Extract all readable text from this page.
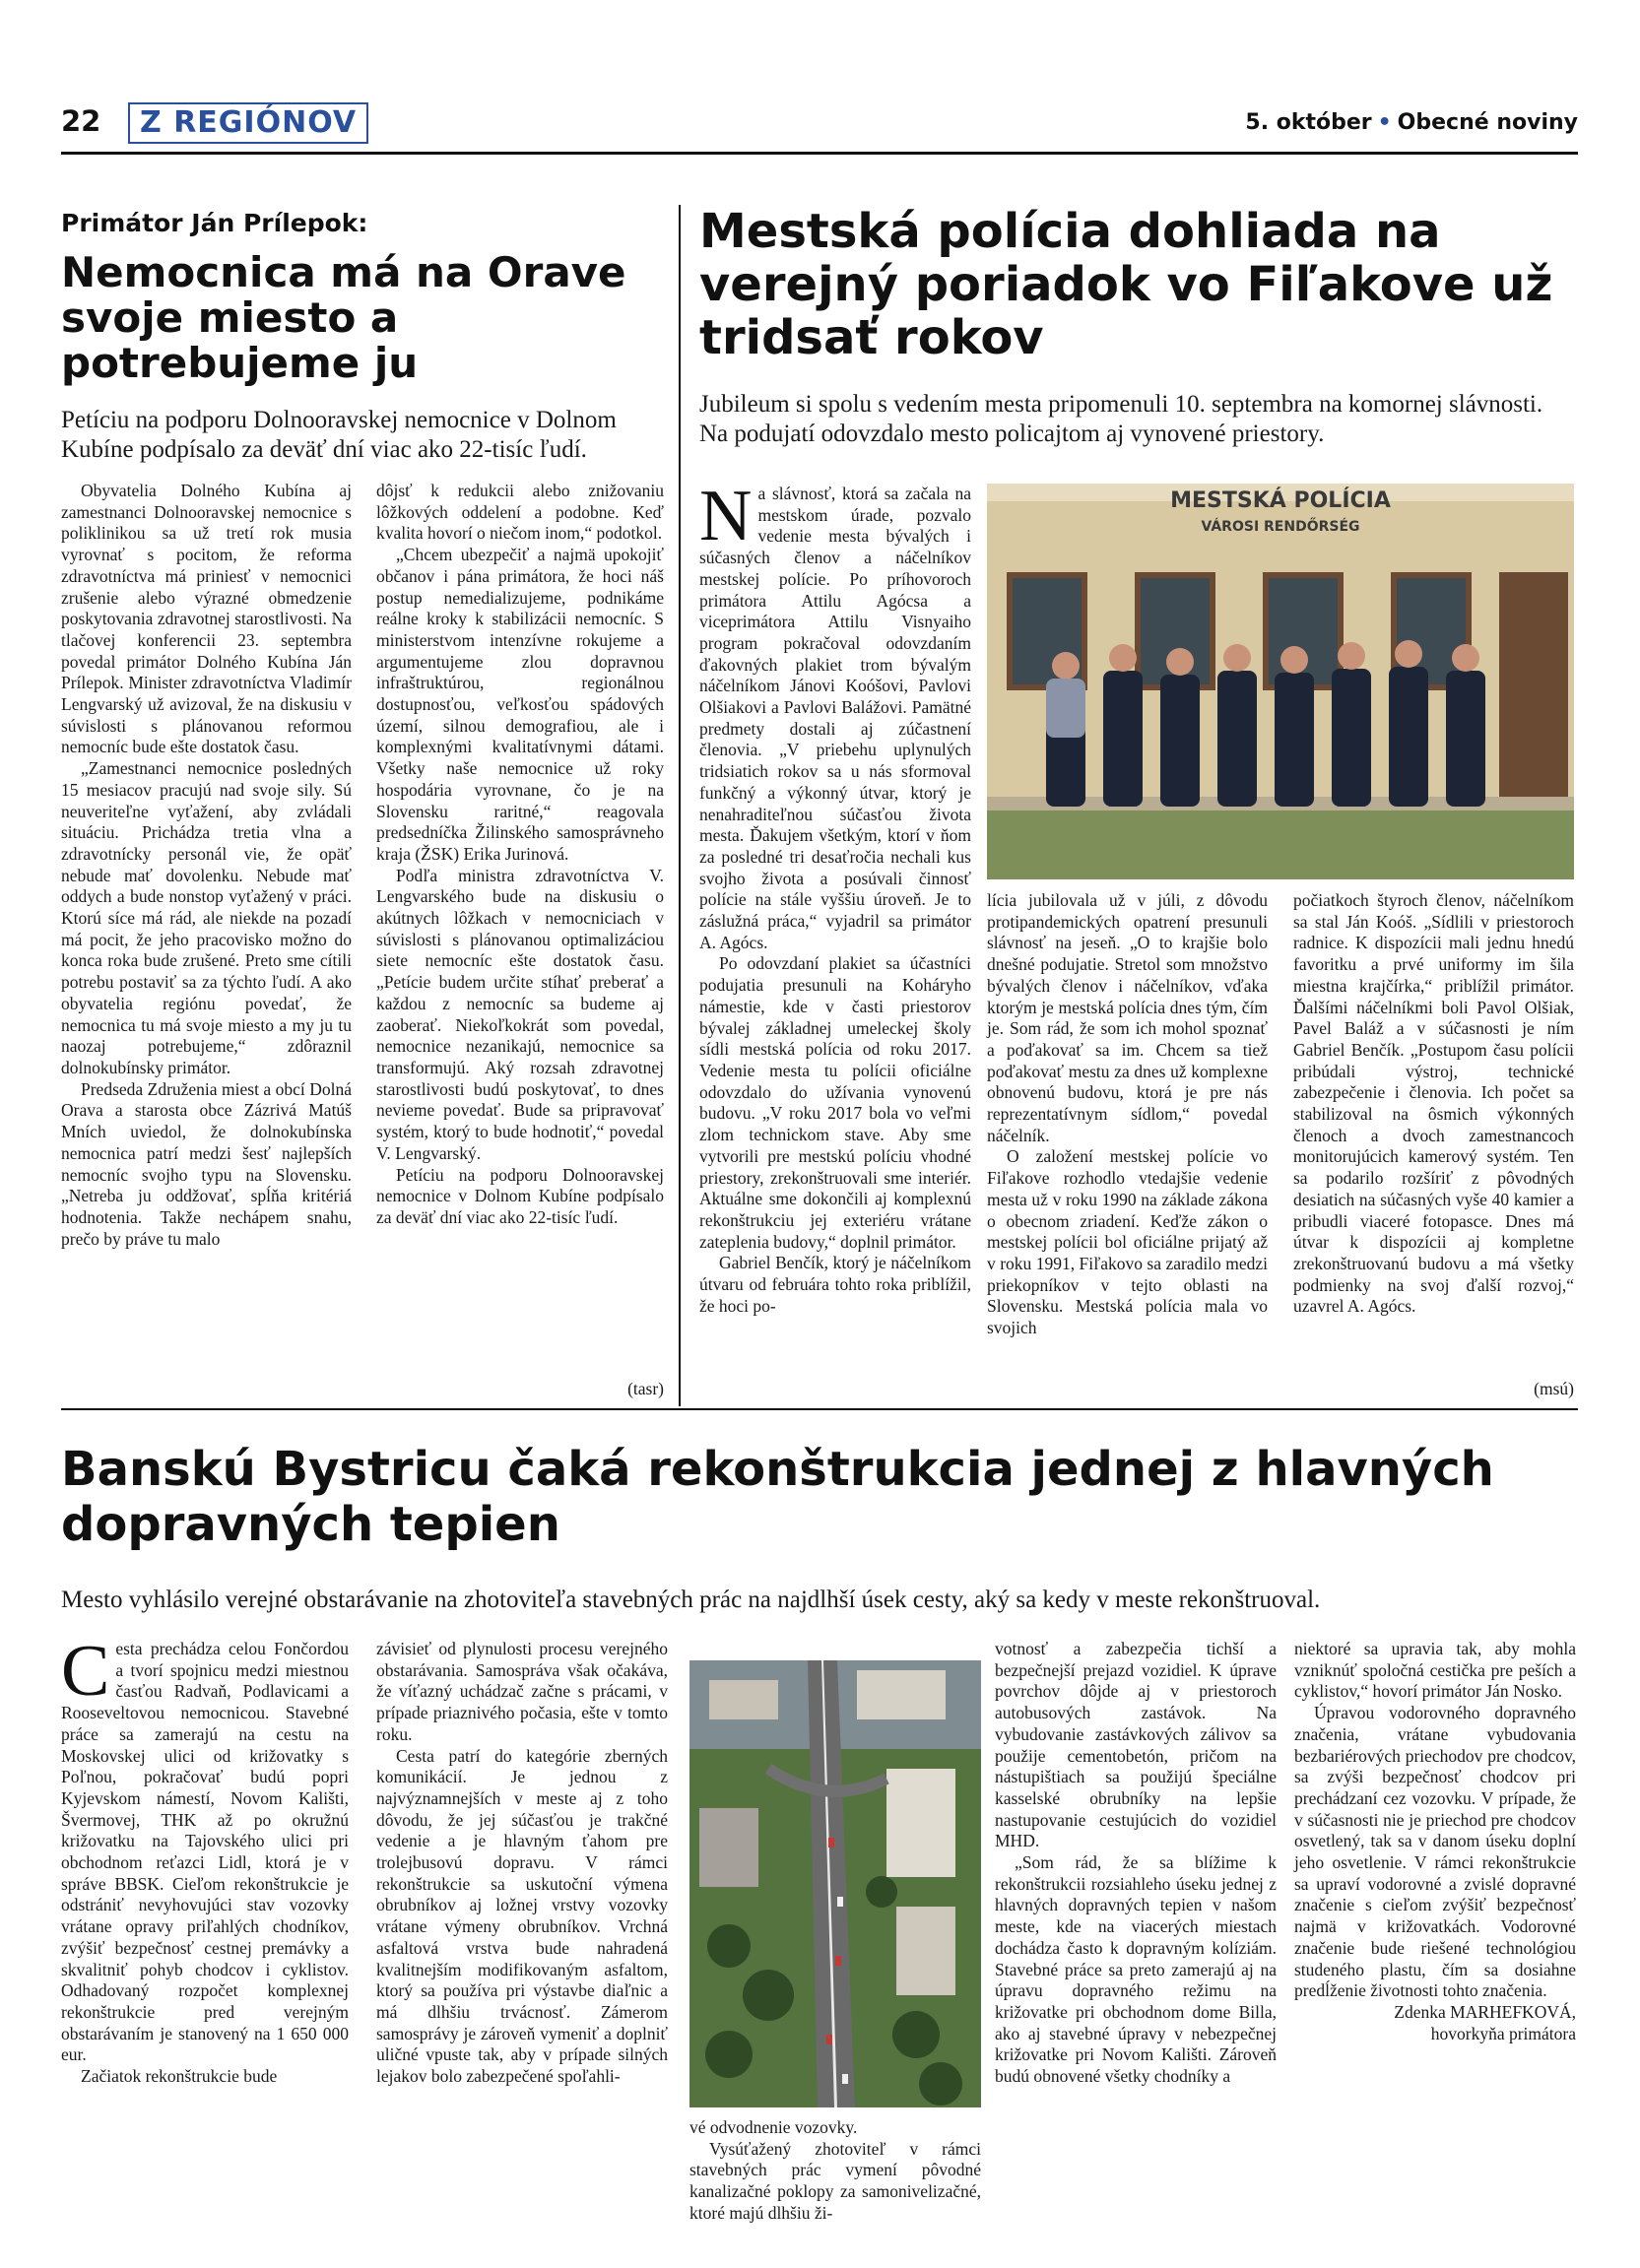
22	Z REGIÓNOV	5. október • Obecné noviny
Primátor Ján Prílepok:
Nemocnica má na Orave svoje miesto a potrebujeme ju
Petíciu na podporu Dolnooravskej nemocnice v Dolnom Kubíne podpísalo za deväť dní viac ako 22-tisíc ľudí.

Obyvatelia Dolného Kubína aj zamestnanci Dolnooravskej nemocnice s poliklinikou sa už tretí rok musia vyrovnať s pocitom, že reforma zdravotníctva má priniesť v nemocnici zrušenie alebo výrazné obmedzenie poskytovania zdravotnej starostlivosti. Na tlačovej konferencii 23. septembra povedal primátor Dolného Kubína Ján Prílepok. Minister zdravotníctva Vladimír Lengvarský už avizoval, že na diskusiu v súvislosti s plánovanou reformou nemocníc bude ešte dostatok času.

„Zamestnanci nemocnice posledných 15 mesiacov pracujú nad svoje sily. Sú neuveriteľne vyťažení, aby zvládali situáciu. Prichádza tretia vlna a zdravotnícky personál vie, že opäť nebude mať dovolenku. Nebude mať oddych a bude nonstop vyťažený v práci. Ktorú síce má rád, ale niekde na pozadí má pocit, že jeho pracovisko možno do konca roka bude zrušené. Preto sme cítili potrebu postaviť sa za týchto ľudí. A ako obyvatelia regiónu povedať, že nemocnica tu má svoje miesto a my ju tu naozaj potrebujeme,“ zdôraznil dolnokubínsky primátor.

Predseda Združenia miest a obcí Dolná Orava a starosta obce Zázrivá Matúš Mních uviedol, že dolnokubínska nemocnica patrí medzi šesť najlepších nemocníc svojho typu na Slovensku. „Netreba ju oddžovať, spĺňa kritériá hodnotenia. Takže nechápem snahu, prečo by práve tu malo

dôjsť k redukcii alebo znižovaniu lôžkových oddelení a podobne. Keď kvalita hovorí o niečom inom,“ podotkol.

„Chcem ubezpečiť a najmä upokojiť občanov i pána primátora, že hoci náš postup nemedializujeme, podnikáme reálne kroky k stabilizácii nemocníc. S ministerstvom intenzívne rokujeme a argumentujeme zlou dopravnou infraštruktúrou, regionálnou dostupnosťou, veľkosťou spádových území, silnou demografiou, ale i komplexnými kvalitatívnymi dátami. Všetky naše nemocnice už roky hospodária vyrovnane, čo je na Slovensku raritné,“ reagovala predsedníčka Žilinského samosprávneho kraja (ŽSK) Erika Jurinová.

Podľa ministra zdravotníctva V. Lengvarského bude na diskusiu o akútnych lôžkach v nemocniciach v súvislosti s plánovanou optimalizáciou siete nemocníc ešte dostatok času. „Petície budem určite stíhať preberať a každou z nemocníc sa budeme aj zaoberať. Niekoľkokrát som povedal, nemocnice nezanikajú, nemocnice sa transformujú. Aký rozsah zdravotnej starostlivosti budú poskytovať, to dnes nevieme povedať. Bude sa pripravovať systém, ktorý to bude hodnotiť,“ povedal V. Lengvarský.

Petíciu na podporu Dolnooravskej nemocnice v Dolnom Kubíne podpísalo za deväť dní viac ako 22-tisíc ľudí.

(tasr)
Mestská polícia dohliada na verejný poriadok vo Fiľakove už tridsať rokov
Jubileum si spolu s vedením mesta pripomenuli 10. septembra na komornej slávnosti. Na podujatí odovzdalo mesto policajtom aj vynovené priestory.
MESTSKÁ POLÍCIA
VÁROSI RENDŐRSÉG

Na slávnosť, ktorá sa začala na mestskom úrade, pozvalo vedenie mesta bývalých i súčasných členov a náčelníkov mestskej polície. Po príhovoroch primátora Attilu Agócsa a viceprimátora Attilu Visnyaiho program pokračoval odovzdaním ďakovných plakiet trom bývalým náčelníkom Jánovi Koóšovi, Pavlovi Olšiakovi a Pavlovi Balážovi. Pamätné predmety dostali aj zúčastnení členovia. „V priebehu uplynulých tridsiatich rokov sa u nás sformoval funkčný a výkonný útvar, ktorý je nenahraditeľnou súčasťou života mesta. Ďakujem všetkým, ktorí v ňom za posledné tri desaťročia nechali kus svojho života a posúvali činnosť polície na stále vyššiu úroveň. Je to záslužná práca,“ vyjadril sa primátor A. Agócs.

Po odovzdaní plakiet sa účastníci podujatia presunuli na Koháryho námestie, kde v časti priestorov bývalej základnej umeleckej školy sídli mestská polícia od roku 2017. Vedenie mesta tu polícii oficiálne odovzdalo do užívania vynovenú budovu. „V roku 2017 bola vo veľmi zlom technickom stave. Aby sme vytvorili pre mestskú políciu vhodné priestory, zrekonštruovali sme interiér. Aktuálne sme dokončili aj komplexnú rekonštrukciu jej exteriéru vrátane zateplenia budovy,“ doplnil primátor.

Gabriel Benčík, ktorý je náčelníkom útvaru od februára tohto roka priblížil, že hoci po-

lícia jubilovala už v júli, z dôvodu protipandemických opatrení presunuli slávnosť na jeseň. „O to krajšie bolo dnešné podujatie. Stretol som množstvo bývalých členov i náčelníkov, vďaka ktorým je mestská polícia dnes tým, čím je. Som rád, že som ich mohol spoznať a poďakovať sa im. Chcem sa tiež poďakovať mestu za dnes už komplexne obnovenú budovu, ktorá je pre nás reprezentatívnym sídlom,“ povedal náčelník.

O založení mestskej polície vo Fiľakove rozhodlo vtedajšie vedenie mesta už v roku 1990 na základe zákona o obecnom zriadení. Keďže zákon o mestskej polícii bol oficiálne prijatý až v roku 1991, Fiľakovo sa zaradilo medzi priekopníkov v tejto oblasti na Slovensku. Mestská polícia mala vo svojich

počiatkoch štyroch členov, náčelníkom sa stal Ján Koóš. „Sídlili v priestoroch radnice. K dispozícii mali jednu hnedú favoritku a prvé uniformy im šila miestna krajčírka,“ priblížil primátor. Ďalšími náčelníkmi boli Pavol Olšiak, Pavel Baláž a v súčasnosti je ním Gabriel Benčík. „Postupom času polícii pribúdali výstroj, technické zabezpečenie i členovia. Ich počet sa stabilizoval na ôsmich výkonných členoch a dvoch zamestnancoch monitorujúcich kamerový systém. Ten sa podarilo rozšíriť z pôvodných desiatich na súčasných vyše 40 kamier a pribudli viaceré fotopasce. Dnes má útvar k dispozícii aj kompletne zrekonštruovanú budovu a má všetky podmienky na svoj ďalší rozvoj,“ uzavrel A. Agócs.

(msú)
Banskú Bystricu čaká rekonštrukcia jednej z hlavných dopravných tepien
Mesto vyhlásilo verejné obstarávanie na zhotoviteľa stavebných prác na najdlhší úsek cesty, aký sa kedy v meste rekonštruoval.

Cesta prechádza celou Fončordou a tvorí spojnicu medzi miestnou časťou Radvaň, Podlavicami a Rooseveltovou nemocnicou. Stavebné práce sa zamerajú na cestu na Moskovskej ulici od križovatky s Poľnou, pokračovať budú popri Kyjevskom námestí, Novom Kališti, Švermovej, THK až po okružnú križovatku na Tajovského ulici pri obchodnom reťazci Lidl, ktorá je v správe BBSK. Cieľom rekonštrukcie je odstrániť nevyhovujúci stav vozovky vrátane opravy priľahlých chodníkov, zvýšiť bezpečnosť cestnej premávky a skvalitniť pohyb chodcov i cyklistov. Odhadovaný rozpočet komplexnej rekonštrukcie pred verejným obstarávaním je stanovený na 1 650 000 eur.

Začiatok rekonštrukcie bude

závisieť od plynulosti procesu verejného obstarávania. Samospráva však očakáva, že víťazný uchádzač začne s prácami, v prípade priaznivého počasia, ešte v tomto roku.

Cesta patrí do kategórie zberných komunikácií. Je jednou z najvýznamnejších v meste aj z toho dôvodu, že jej súčasťou je trakčné vedenie a je hlavným ťahom pre trolejbusovú dopravu. V rámci rekonštrukcie sa uskutoční výmena obrubníkov aj ložnej vrstvy vozovky vrátane výmeny obrubníkov. Vrchná asfaltová vrstva bude nahradená kvalitnejším modifikovaným asfaltom, ktorý sa používa pri výstavbe diaľnic a má dlhšiu trvácnosť. Zámerom samosprávy je zároveň vymeniť a doplniť uličné vpuste tak, aby v prípade silných lejakov bolo zabezpečené spoľahli-

vé odvodnenie vozovky.

Vysúťažený zhotoviteľ v rámci stavebných prác vymení pôvodné kanalizačné poklopy za samonivelizačné, ktoré majú dlhšiu ži-

votnosť a zabezpečia tichší a bezpečnejší prejazd vozidiel. K úprave povrchov dôjde aj v priestoroch autobusových zastávok. Na vybudovanie zastávkových zálivov sa použije cementobetón, pričom na nástupištiach sa použijú špeciálne kasselské obrubníky na lepšie nastupovanie cestujúcich do vozidiel MHD.

„Som rád, že sa blížime k rekonštrukcii rozsiahleho úseku jednej z hlavných dopravných tepien v našom meste, kde na viacerých miestach dochádza často k dopravným kolíziám. Stavebné práce sa preto zamerajú aj na úpravu dopravného režimu na križovatke pri obchodnom dome Billa, ako aj stavebné úpravy v nebezpečnej križovatke pri Novom Kališti. Zároveň budú obnovené všetky chodníky a

niektoré sa upravia tak, aby mohla vzniknúť spoločná cestička pre peších a cyklistov,“ hovorí primátor Ján Nosko.

Úpravou vodorovného dopravného značenia, vrátane vybudovania bezbariérových priechodov pre chodcov, sa zvýši bezpečnosť chodcov pri prechádzaní cez vozovku. V prípade, že v súčasnosti nie je priechod pre chodcov osvetlený, tak sa v danom úseku doplní jeho osvetlenie. V rámci rekonštrukcie sa upraví vodorovné a zvislé dopravné značenie s cieľom zvýšiť bezpečnosť najmä v križovatkách. Vodorovné značenie bude riešené technológiou studeného plastu, čím sa dosiahne predĺženie životnosti tohto značenia.

Zdenka MARHEFKOVÁ,

hovorkyňa primátora
